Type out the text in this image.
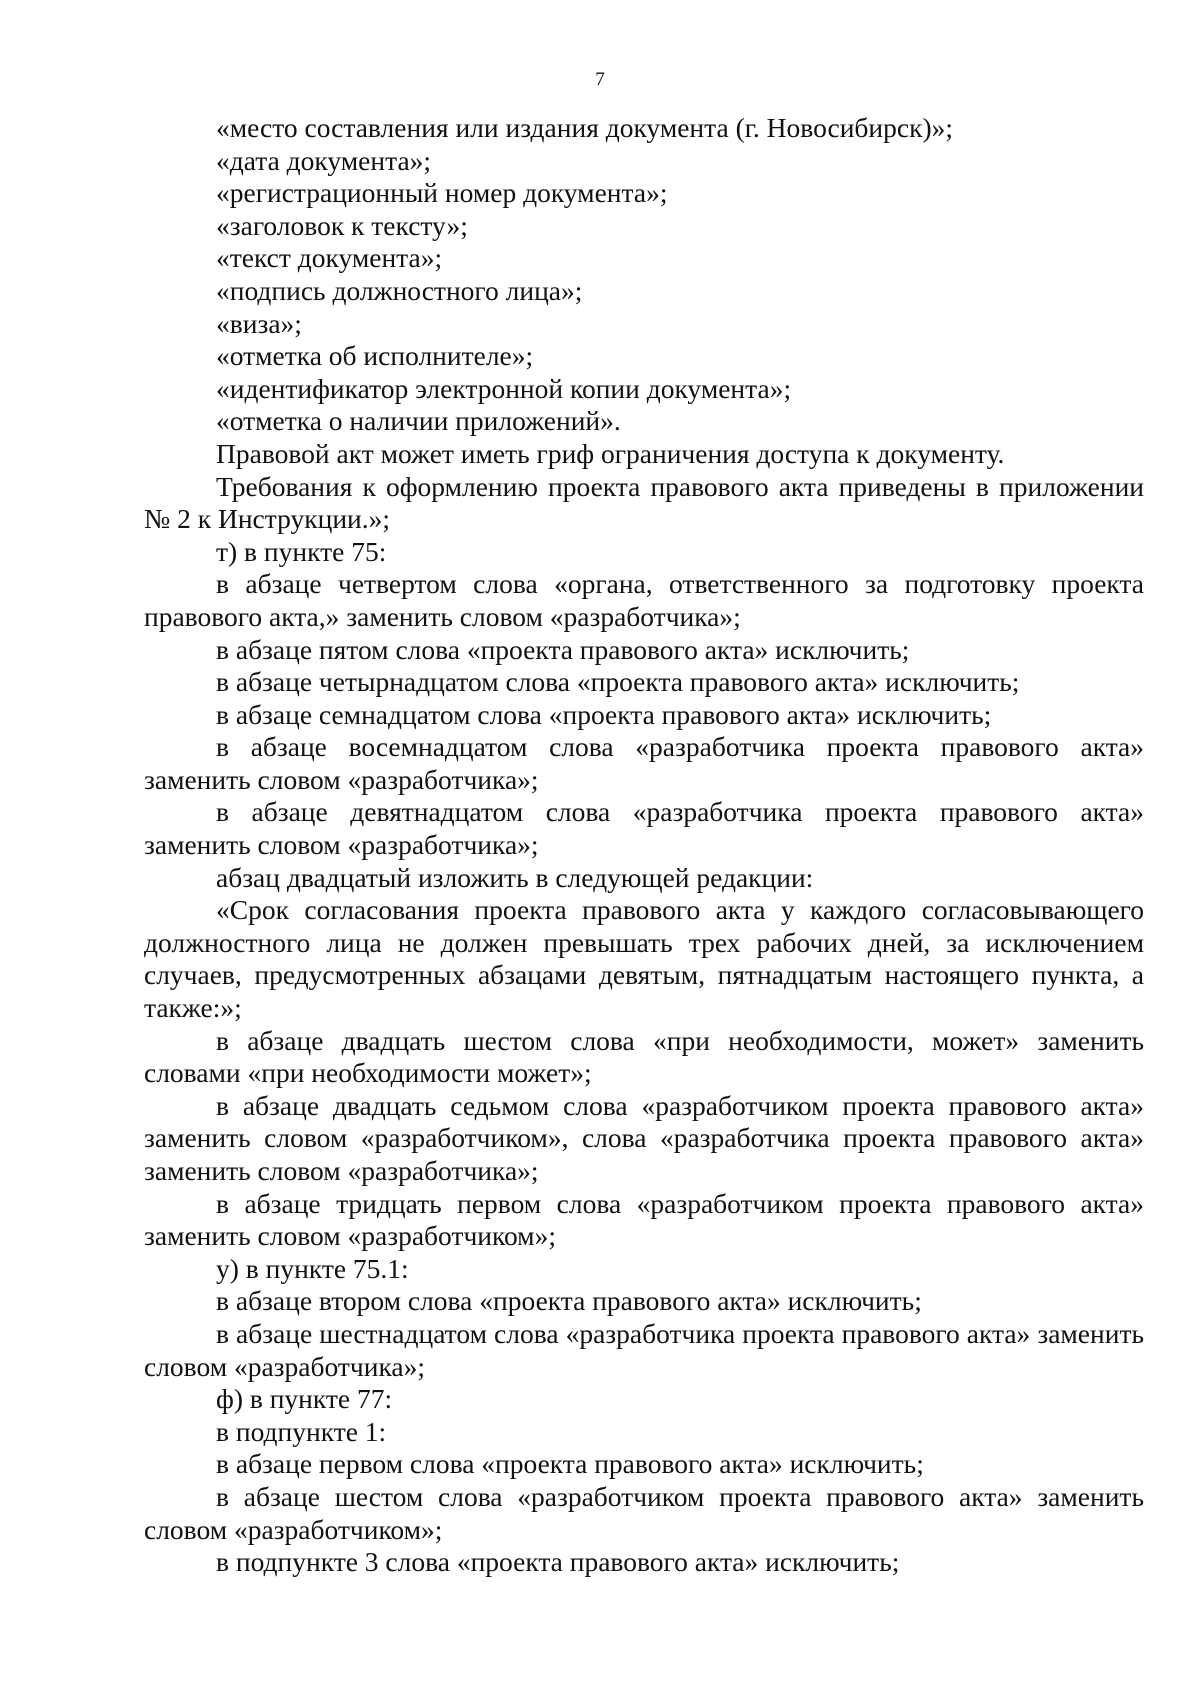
7

«место составления или издания документа (г. Новосибирск)»;

«дата документа»;

«регистрационный номер документа»;

«заголовок к тексту»;

«текст документа»;

«подпись должностного лица»;

«виза»;

«отметка об исполнителе»;

«идентификатор электронной копии документа»;

«отметка о наличии приложений».

Правовой акт может иметь гриф ограничения доступа к документу.

Требования к оформлению проекта правового акта приведены в приложении № 2 к Инструкции.»;

т) в пункте 75:

в абзаце четвертом слова «органа, ответственного за подготовку проекта правового акта,» заменить словом «разработчика»;

в абзаце пятом слова «проекта правового акта» исключить;

в абзаце четырнадцатом слова «проекта правового акта» исключить;

в абзаце семнадцатом слова «проекта правового акта» исключить;

в абзаце восемнадцатом слова «разработчика проекта правового акта» заменить словом «разработчика»;

в абзаце девятнадцатом слова «разработчика проекта правового акта» заменить словом «разработчика»;

абзац двадцатый изложить в следующей редакции:

«Срок согласования проекта правового акта у каждого согласовывающего должностного лица не должен превышать трех рабочих дней, за исключением случаев, предусмотренных абзацами девятым, пятнадцатым настоящего пункта, а также:»;

в абзаце двадцать шестом слова «при необходимости, может» заменить словами «при необходимости может»;

в абзаце двадцать седьмом слова «разработчиком проекта правового акта» заменить словом «разработчиком», слова «разработчика проекта правового акта» заменить словом «разработчика»;

в абзаце тридцать первом слова «разработчиком проекта правового акта» заменить словом «разработчиком»;

у) в пункте 75.1:

в абзаце втором слова «проекта правового акта» исключить;

в абзаце шестнадцатом слова «разработчика проекта правового акта» заменить словом «разработчика»;

ф) в пункте 77:

в подпункте 1:

в абзаце первом слова «проекта правового акта» исключить;

в абзаце шестом слова «разработчиком проекта правового акта» заменить словом «разработчиком»;

в подпункте 3 слова «проекта правового акта» исключить;
